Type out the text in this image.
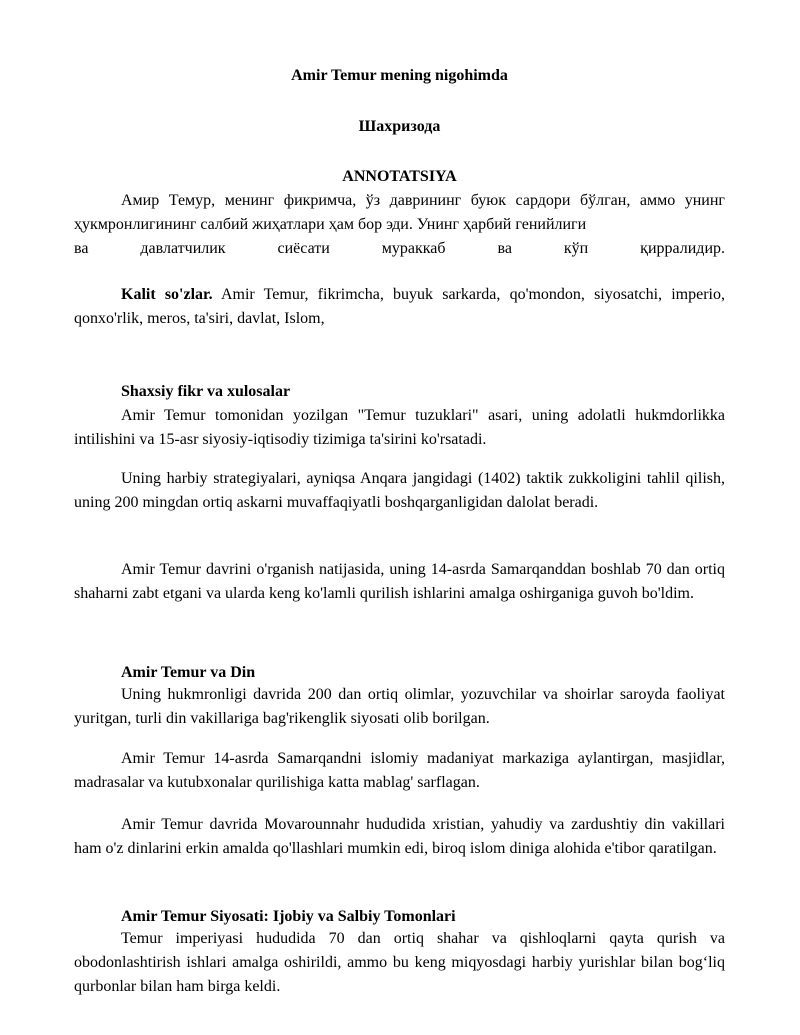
Amir Temur mening nigohimda

Шахризода

ANNOTATSIYA

Амир Темур, менинг фикримча, ўз даврининг буюк сардори бўлган, аммо унинг ҳукмронлигининг салбий жиҳатлари ҳам бор эди. Унинг ҳарбий генийлиги

ва давлатчилик сиёсати мураккаб ва кўп қирралидир.

Kalit so'zlar. Amir Temur, fikrimcha, buyuk sarkarda, qo'mondon, siyosatchi, imperio, qonxo'rlik, meros, ta'siri, davlat, Islom,

Shaxsiy fikr va xulosalar

Amir Temur tomonidan yozilgan "Temur tuzuklari" asari, uning adolatli hukmdorlikka intilishini va 15-asr siyosiy-iqtisodiy tizimiga ta'sirini ko'rsatadi.

Uning harbiy strategiyalari, ayniqsa Anqara jangidagi (1402) taktik zukkoligini tahlil qilish, uning 200 mingdan ortiq askarni muvaffaqiyatli boshqarganligidan dalolat beradi.

Amir Temur davrini o'rganish natijasida, uning 14-asrda Samarqanddan boshlab 70 dan ortiq shaharni zabt etgani va ularda keng ko'lamli qurilish ishlarini amalga oshirganiga guvoh bo'ldim.

Amir Temur va Din

Uning hukmronligi davrida 200 dan ortiq olimlar, yozuvchilar va shoirlar saroyda faoliyat yuritgan, turli din vakillariga bag'rikenglik siyosati olib borilgan.

Amir Temur 14-asrda Samarqandni islomiy madaniyat markaziga aylantirgan, masjidlar, madrasalar va kutubxonalar qurilishiga katta mablag' sarflagan.

Amir Temur davrida Movarounnahr hududida xristian, yahudiy va zardushtiy din vakillari ham o'z dinlarini erkin amalda qo'llashlari mumkin edi, biroq islom diniga alohida e'tibor qaratilgan.

Amir Temur Siyosati: Ijobiy va Salbiy Tomonlari

Temur imperiyasi hududida 70 dan ortiq shahar va qishloqlarni qayta qurish va obodonlashtirish ishlari amalga oshirildi, ammo bu keng miqyosdagi harbiy yurishlar bilan bog‘liq qurbonlar bilan ham birga keldi.
